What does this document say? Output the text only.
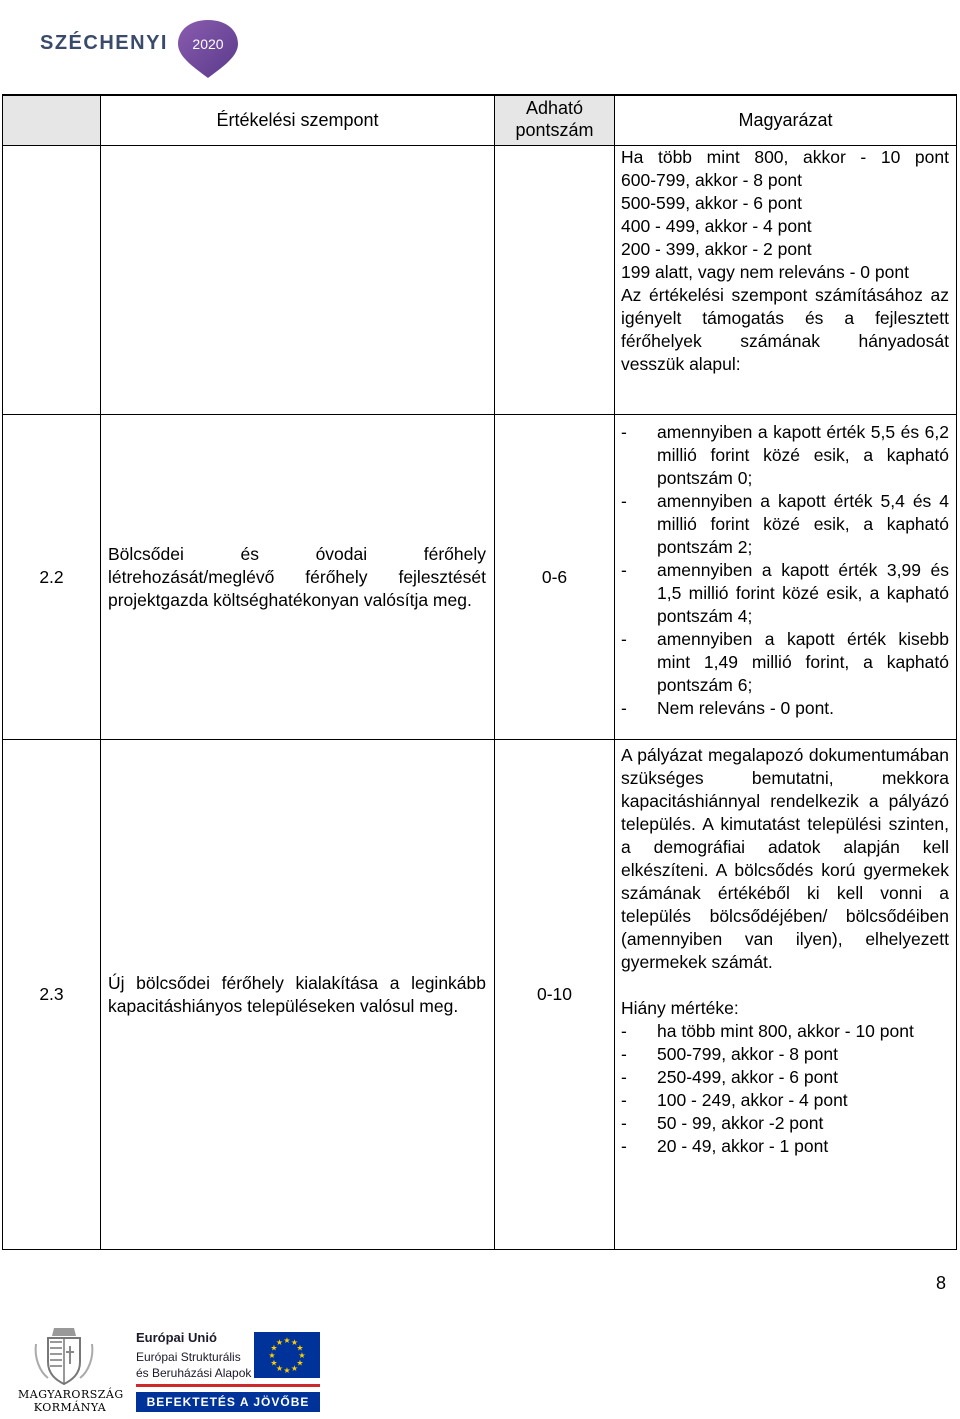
SZÉCHENYI 2020
Értékelési szempont
Adható
pontszám	Magyarázat
Ha több mint 800, akkor - 10 pont
600-799, akkor - 8 pont
500-599, akkor - 6 pont
400 - 499, akkor - 4 pont
200 - 399, akkor - 2 pont

199 alatt, vagy nem releváns - 0 pont

Az értékelési szempont számításához az igényelt támogatás és a fejlesztett férőhelyek számának hányadosát vesszük alapul:

2.2
Bölcsődei és óvodai férőhely létrehozását/meglévő férőhely fejlesztését projektgazda költséghatékonyan valósítja meg.
0-6
- amennyiben a kapott érték 5,5 és 6,2 millió forint közé esik, a kapható pontszám 0;
- amennyiben a kapott érték 5,4 és 4 millió forint közé esik, a kapható pontszám 2;
- amennyiben a kapott érték 3,99 és 1,5 millió forint közé esik, a kapható pontszám 4;
- amennyiben a kapott érték kisebb mint 1,49 millió forint, a kapható pontszám 6;
- Nem releváns - 0 pont.
2.3
Új bölcsődei férőhely kialakítása a leginkább kapacitáshiányos településeken valósul meg.
0-10

A pályázat megalapozó dokumentumában szükséges bemutatni, mekkora kapacitáshiánnyal rendelkezik a pályázó település. A kimutatást települési szinten, a demográfiai adatok alapján kell elkészíteni. A bölcsődés korú gyermekek számának értékéből ki kell vonni a település bölcsődéjében/ bölcsődéiben (amennyiben van ilyen), elhelyezett gyermekek számát.

Hiány mértéke:
- ha több mint 800, akkor - 10 pont
- 500-799, akkor - 8 pont
- 250-499, akkor - 6 pont
- 100 - 249, akkor - 4 pont
- 50 - 99, akkor -2 pont
- 20 - 49, akkor - 1 pont
8
MAGYARORSZÁG
KORMÁNYA
Európai Unió
Európai Strukturális
és Beruházási Alapok
★
★
★
★
★
★
★
★
★ ★ ★
★
BEFEKTETÉS A JÖVŐBE
